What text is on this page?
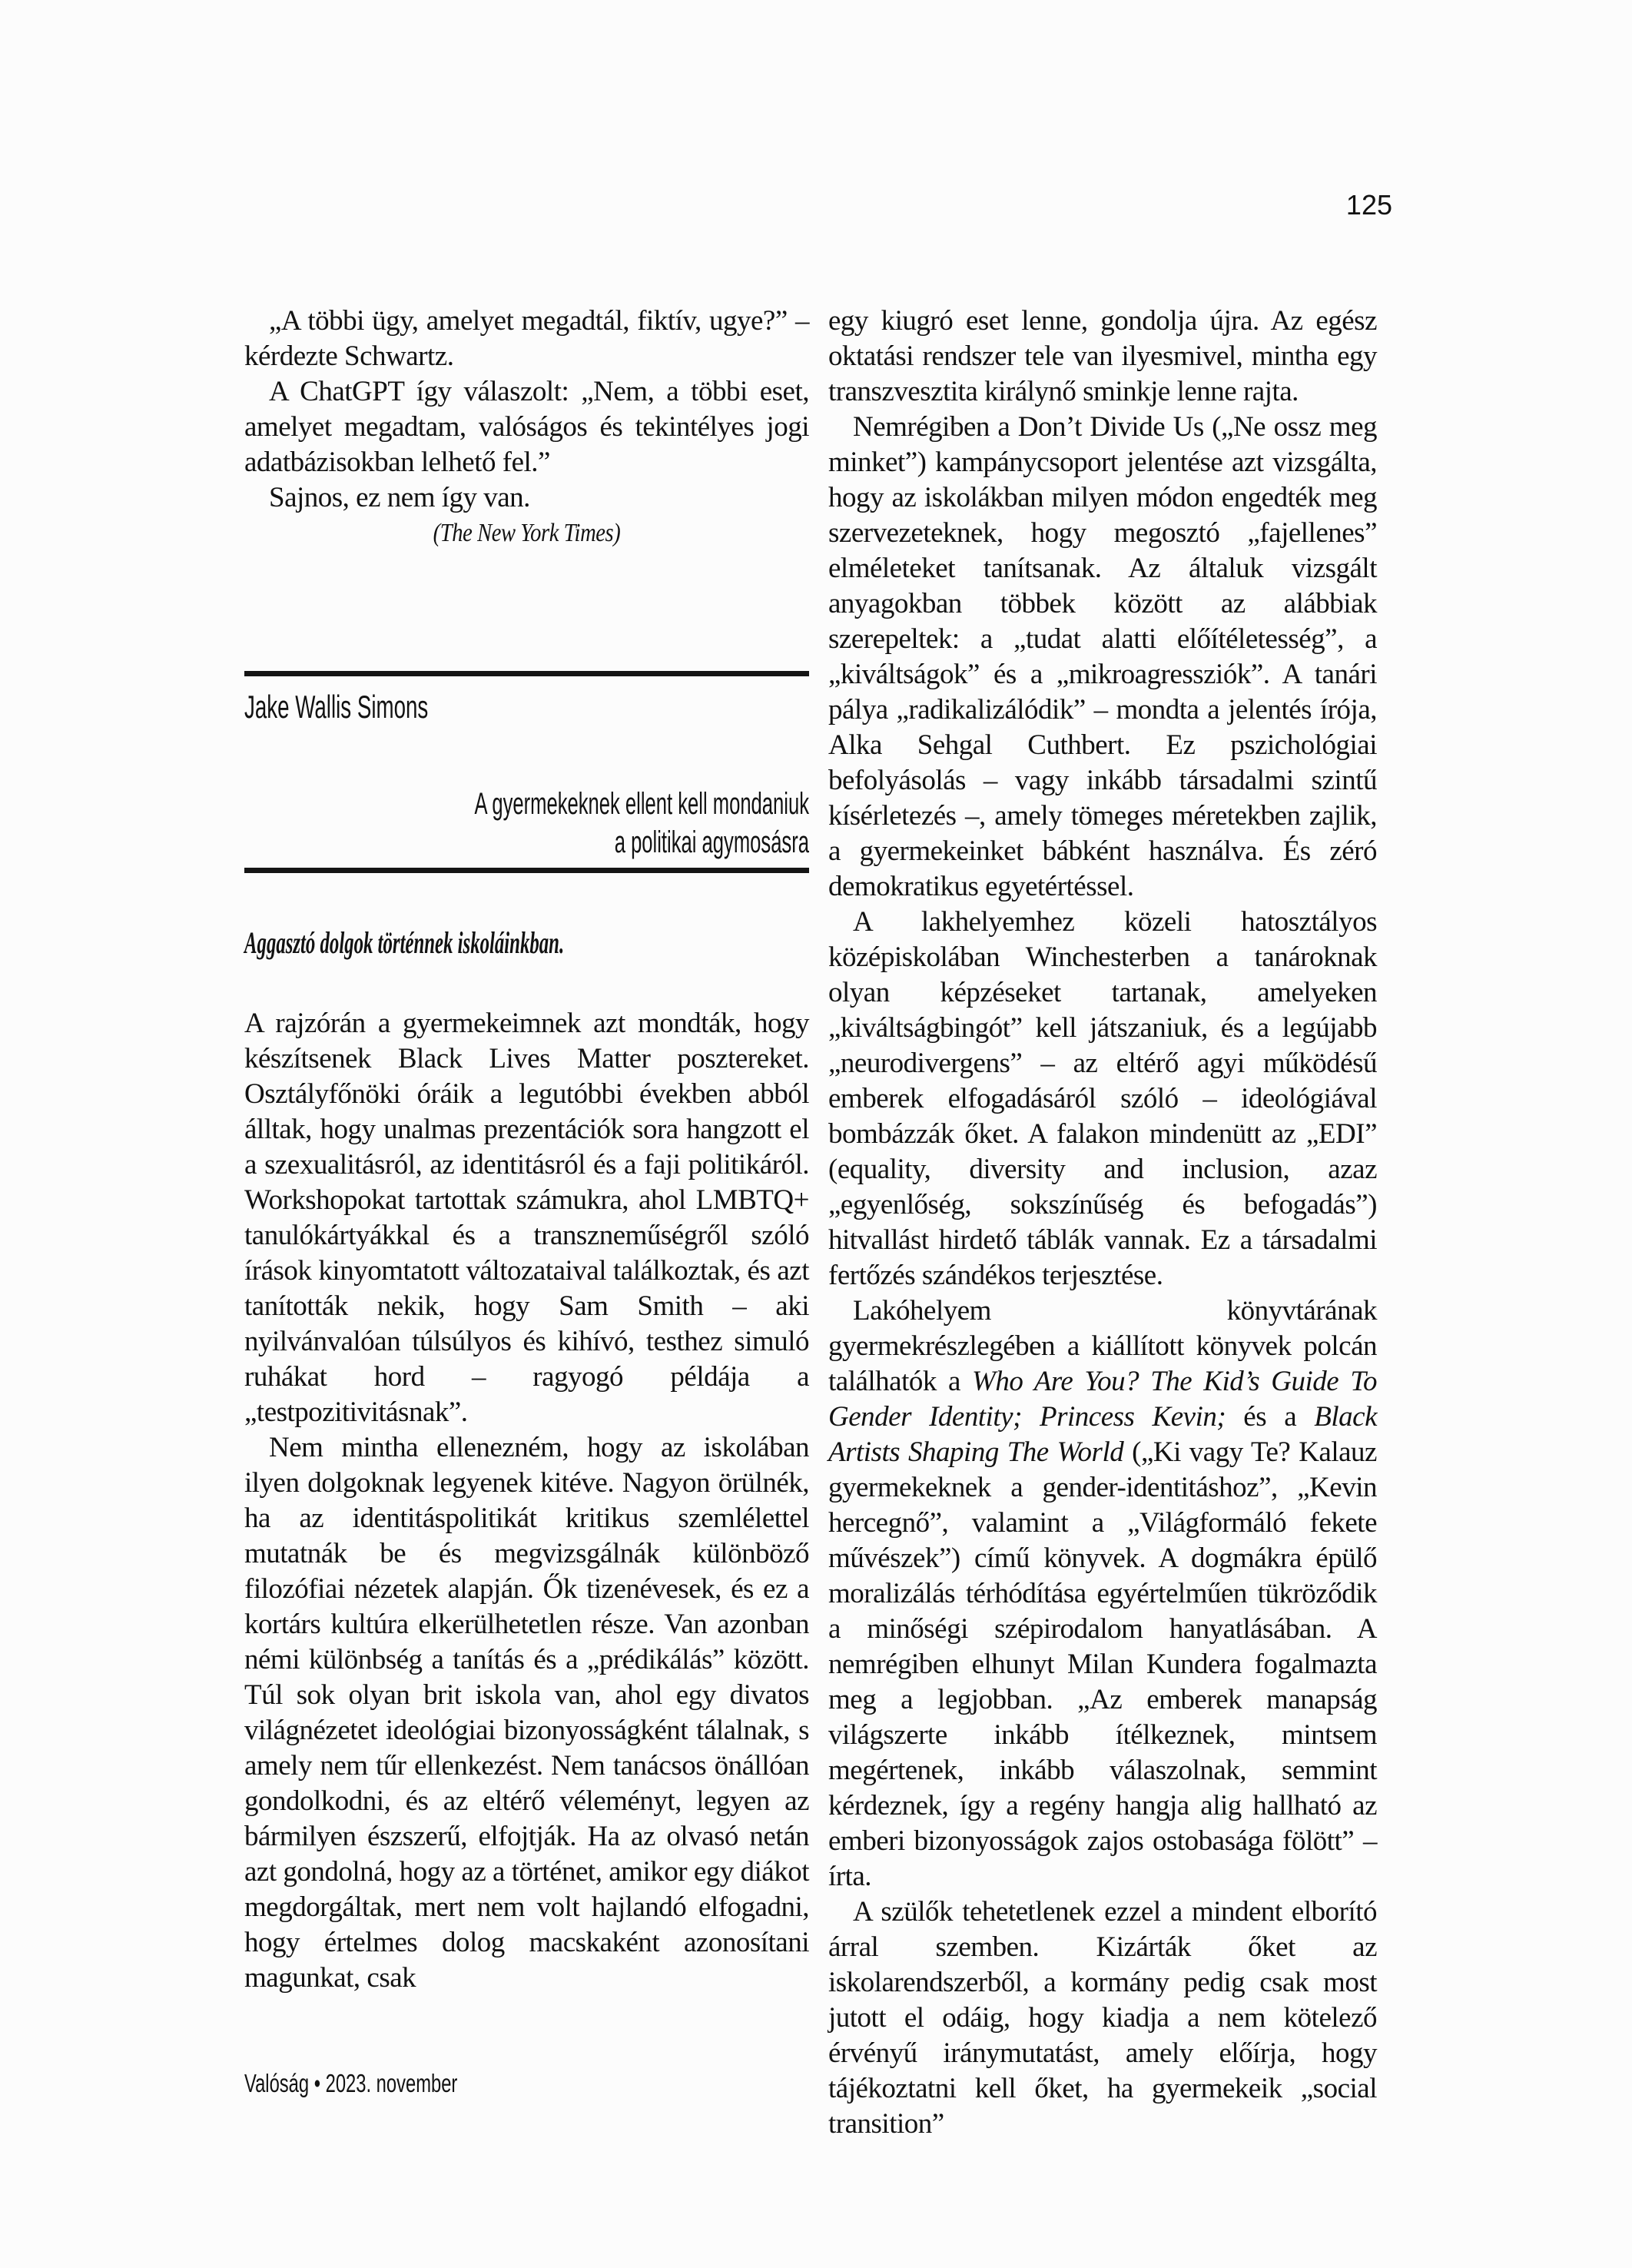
125

„A többi ügy, amelyet megadtál, fiktív, ugye?” – kérdezte Schwartz.

A ChatGPT így válaszolt: „Nem, a többi eset, amelyet megadtam, valóságos és tekintélyes jogi adatbázisokban lelhető fel.”

Sajnos, ez nem így van.

(The New York Times)

Jake Wallis Simons
A gyermekeknek ellent kell mondaniuk
a politikai agymosásra
Aggasztó dolgok történnek iskoláinkban.

A rajzórán a gyermekeimnek azt mondták, hogy készítsenek Black Lives Matter posztereket. Osztályfőnöki óráik a legutóbbi években abból álltak, hogy unalmas prezentációk sora hangzott el a szexualitásról, az identitásról és a faji politikáról. Workshopokat tartottak számukra, ahol LMBTQ+ tanulókártyákkal és a transzneműségről szóló írások kinyomtatott változataival találkoztak, és azt tanították nekik, hogy Sam Smith – aki nyilvánvalóan túlsúlyos és kihívó, testhez simuló ruhákat hord – ragyogó példája a „testpozitivitásnak”.

Nem mintha ellenezném, hogy az iskolában ilyen dolgoknak legyenek kitéve. Nagyon örülnék, ha az identitáspolitikát kritikus szemlélettel mutatnák be és megvizsgálnák különböző filozófiai nézetek alapján. Ők tizenévesek, és ez a kortárs kultúra elkerülhetetlen része. Van azonban némi különbség a tanítás és a „prédikálás” között. Túl sok olyan brit iskola van, ahol egy divatos világnézetet ideológiai bizonyosságként tálalnak, s amely nem tűr ellenkezést. Nem tanácsos önállóan gondolkodni, és az eltérő véleményt, legyen az bármilyen észszerű, elfojtják. Ha az olvasó netán azt gondolná, hogy az a történet, amikor egy diákot megdorgáltak, mert nem volt hajlandó elfogadni, hogy értelmes dolog macskaként azonosítani magunkat, csak

egy kiugró eset lenne, gondolja újra. Az egész oktatási rendszer tele van ilyesmivel, mintha egy transzvesztita királynő sminkje lenne rajta.

Nemrégiben a Don’t Divide Us („Ne ossz meg minket”) kampánycsoport jelentése azt vizsgálta, hogy az iskolákban milyen módon engedték meg szervezeteknek, hogy megosztó „fajellenes” elméleteket tanítsanak. Az általuk vizsgált anyagokban többek között az alábbiak szerepeltek: a „tudat alatti előítéletesség”, a „kiváltságok” és a „mikroagressziók”. A tanári pálya „radikalizálódik” – mondta a jelentés írója, Alka Sehgal Cuthbert. Ez pszichológiai befolyásolás – vagy inkább társadalmi szintű kísérletezés –, amely tömeges méretekben zajlik, a gyermekeinket bábként használva. És zéró demokratikus egyetértéssel.

A lakhelyemhez közeli hatosztályos középiskolában Winchesterben a tanároknak olyan képzéseket tartanak, amelyeken „kiváltságbingót” kell játszaniuk, és a legújabb „neurodivergens” – az eltérő agyi működésű emberek elfogadásáról szóló – ideológiával bombázzák őket. A falakon mindenütt az „EDI” (equality, diversity and inclusion, azaz „egyenlőség, sokszínűség és befogadás”) hitvallást hirdető táblák vannak. Ez a társadalmi fertőzés szándékos terjesztése.

Lakóhelyem könyvtárának gyermekrészlegében a kiállított könyvek polcán találhatók a Who Are You? The Kid’s Guide To Gender Identity; Princess Kevin; és a Black Artists Shaping The World („Ki vagy Te? Kalauz gyermekeknek a gender-identitáshoz”, „Kevin hercegnő”, valamint a „Világformáló fekete művészek”) című könyvek. A dogmákra épülő moralizálás térhódítása egyértelműen tükröződik a minőségi szépirodalom hanyatlásában. A nemrégiben elhunyt Milan Kundera fogalmazta meg a legjobban. „Az emberek manapság világszerte inkább ítélkeznek, mintsem megértenek, inkább válaszolnak, semmint kérdeznek, így a regény hangja alig hallható az emberi bizonyosságok zajos ostobasága fölött” – írta.

A szülők tehetetlenek ezzel a mindent elborító árral szemben. Kizárták őket az iskolarendszerből, a kormány pedig csak most jutott el odáig, hogy kiadja a nem kötelező érvényű iránymutatást, amely előírja, hogy tájékoztatni kell őket, ha gyermekeik „social transition”

Valóság • 2023. november
